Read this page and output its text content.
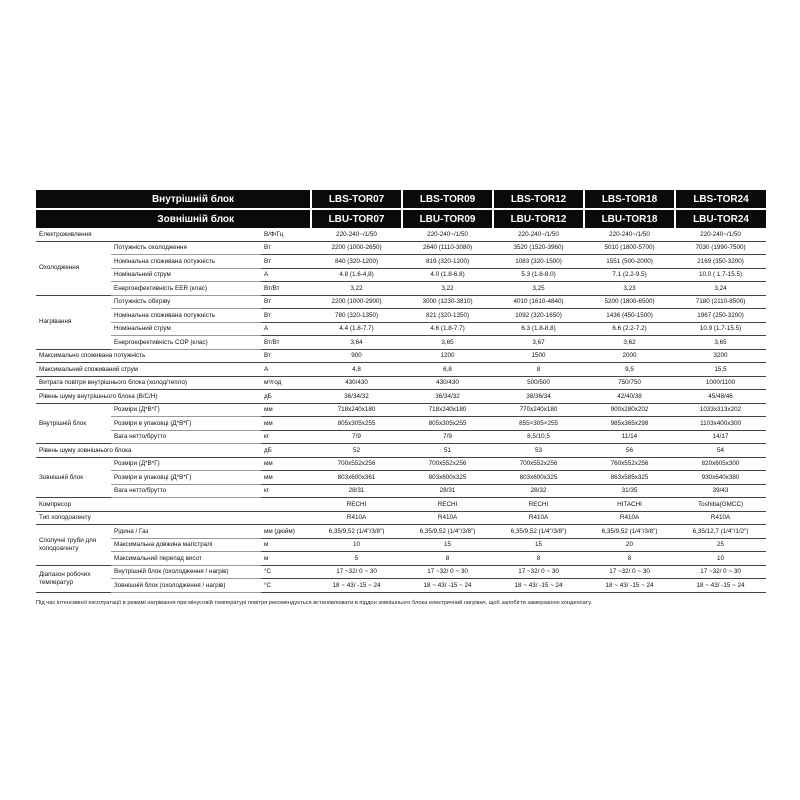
Внутрішній блок			LBS-TOR07	LBS-TOR09	LBS-TOR12	LBS-TOR18	LBS-TOR24
Зовнішній блок			LBU-TOR07	LBU-TOR09	LBU-TOR12	LBU-TOR18	LBU-TOR24
Електроживлення		В/Ф/Гц	220-240~/1/50	220-240~/1/50	220-240~/1/50	220-240~/1/50	220-240~/1/50
Охолодження	Потужність охолодження	Вт	2200 (1000-2650)	2640 (1110-3080)	3520 (1520-3960)	5010 (1800-5700)	7030 (1990-7500)
	Номінальна споживана потужність	Вт	840 (320-1200)	819 (320-1200)	1083 (320-1500)	1551 (500-2000)	2169 (350-3200)
	Номінальний струм	А	4.8 (1.6-4,8)	4.0 (1.8-6.8)	5.3 (1.8-8.0)	7.1 (2.2-9.5)	10.0 ( 1.7-15.5)
	Енергоефективність EER (клас)	Вт/Вт	3,22	3,22	3,25	3,23	3,24
Нагрівання	Потужність обігріву	Вт	2200 (1000-2900)	3000 (1230-3810)	4010 (1610-4840)	5200 (1800-6500)	7180 (2110-8500)
	Номінальна споживана потужність	Вт	780 (320-1350)	821 (320-1350)	1092 (320-1650)	1436 (450-1500)	1967 (250-3200)
	Номінальний струм	А	4.4 (1.8-7.7)	4.6 (1.8-7.7)	6.3 (1.8-8.8)	6.6 (2.2-7.2)	10.9 (1.7-15.5)
	Енергоефективність COP (клас)	Вт/Вт	3,64	3,65	3,67	3,62	3,65
Максимально споживана потужність		Вт	900	1200	1500	2000	3200
Максимальний споживаний струм		А	4,8	6,8	8	9,5	15,5
Витрата повітря внутрішнього блока (холод/тепло)		м³/год	430/430	430/430	500/500	750/750	1000/1100
Рівень шуму внутрішнього блока (В/С/Н)		дБ	36/34/32	36/34/32	38/36/34	42/40/38	45/48/46
Внутрішній блок	Розміри (Д*В*Г)	мм	718x240x180	718x240x180	770x240x180	900x280x202	1033x313x202
	Розміри в упаковці (Д*В*Г)	мм	805x305x255	805x305x255	855×305×255	985x365x298	1103x400x300
	Вага нетто/брутто	кг	7/9	7/9	8,5/10,5	11/14	14/17
Рівень шуму зовнішнього блока		дБ	52	51	53	56	54
Зовнішній блок	Розміри (Д*В*Г)	мм	700x552x256	700x552x256	700x552x256	760x552x256	820x605x300
	Розміри в упаковці (Д*В*Г)	мм	803x600x361	803x600x325	803x600x325	863x585x325	930x640x380
	Вага нетто/брутто	кг	28/31	28/31	28/32	31/35	39/43
Компресор			RECHI	RECHI	RECHI	HITACHI	Toshiba(GMCC)
Тип холодоагенту			R410A	R410A	R410A	R410A	R410A
Сполучні труби для холодоагенту	Рідина / Газ	мм (дюйм)	6,35/9,52 (1/4"/3/8")	6,35/9,52 (1/4"/3/8")	6,35/9,52 (1/4"/3/8")	6,35/9,52 (1/4"/3/8")	6,35/12,7 (1/4"/1/2")
	Максимальна довжина магістралі	м	10	15	15	20	25
	Максимальний перепад висот	м	5	8	8	8	10
Діапазон робочих температур	Внутрішній блок (охолодження / нагрів)	°C	17 ~32/ 0 ~ 30	17 ~32/ 0 ~ 30	17 ~32/ 0 ~ 30	17 ~32/ 0 ~ 30	17 ~32/ 0 ~ 30
	Зовнішній блок (охолодження / нагрів)	°C	18 ~ 43/ -15 ~ 24	18 ~ 43/ -15 ~ 24	18 ~ 43/ -15 ~ 24	18 ~ 43/ -15 ~ 24	18 ~ 43/ -15 ~ 24
Під час інтенсивної експлуатації в режимі нагрівання при мінусовій температурі повітря рекомендується встановлювати в піддон зовнішнього блока електричний нагрівач, щоб запобігти замерзанню конденсату.
